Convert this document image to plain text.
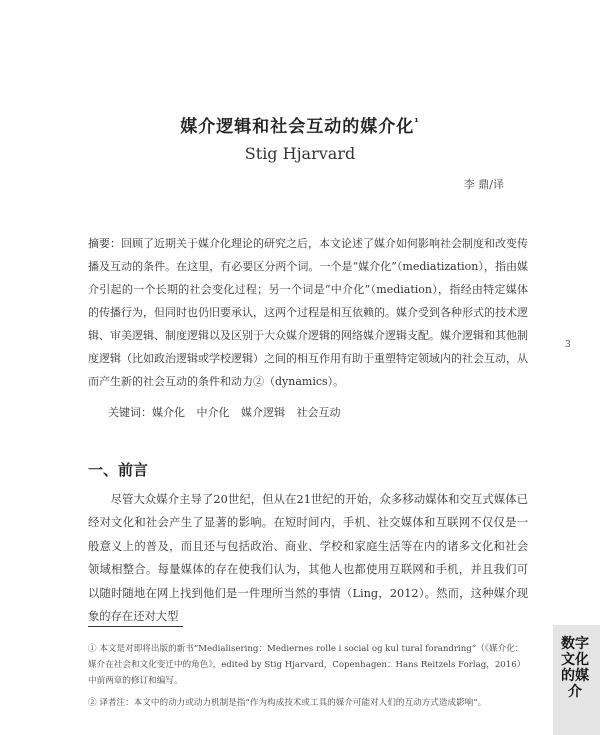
媒介逻辑和社会互动的媒介化$^{^1}$
Stig Hjarvard
李 鼎/译
摘要：回顾了近期关于媒介化理论的研究之后，本文论述了媒介如何影响社会制度和改变传播及互动的条件。在这里，有必要区分两个词。一个是“媒介化”（mediatization），指由媒介引起的一个长期的社会变化过程；另一个词是“中介化”（mediation），指经由特定媒体的传播行为，但同时也仍旧要承认，这两个过程是相互依赖的。媒介受到各种形式的技术逻辑、审美逻辑、制度逻辑以及区别于大众媒介逻辑的网络媒介逻辑支配。媒介逻辑和其他制度逻辑（比如政治逻辑或学校逻辑）之间的相互作用有助于重塑特定领域内的社会互动，从而产生新的社会互动的条件和动力②（dynamics）。
关键词：媒介化 中介化 媒介逻辑 社会互动
一、前言
尽管大众媒介主导了20世纪，但从在21世纪的开始，众多移动媒体和交互式媒体已经对文化和社会产生了显著的影响。在短时间内，手机、社交媒体和互联网不仅仅是一般意义上的普及，而且还与包括政治、商业、学校和家庭生活等在内的诸多文化和社会领域相整合。每量媒体的存在使我们认为，其他人也都使用互联网和手机，并且我们可以随时随地在网上找到他们是一件理所当然的事情（Ling，2012）。然而，这种媒介现象的存在还对大型

① 本文是对即将出版的新书“Medialisering：Mediernes rolle i social og kul tural forandring”（《媒介化：媒介在社会和文化变迁中的角色》，edited by Stig Hjarvard，Copenhagen：Hans Reitzels Forlag，2016）中前两章的修订和编写。

② 译者注：本文中的动力或动力机制是指“作为构成技术或工具的媒介可能对人们的互动方式造成影响”。

3
数字文化的媒介
